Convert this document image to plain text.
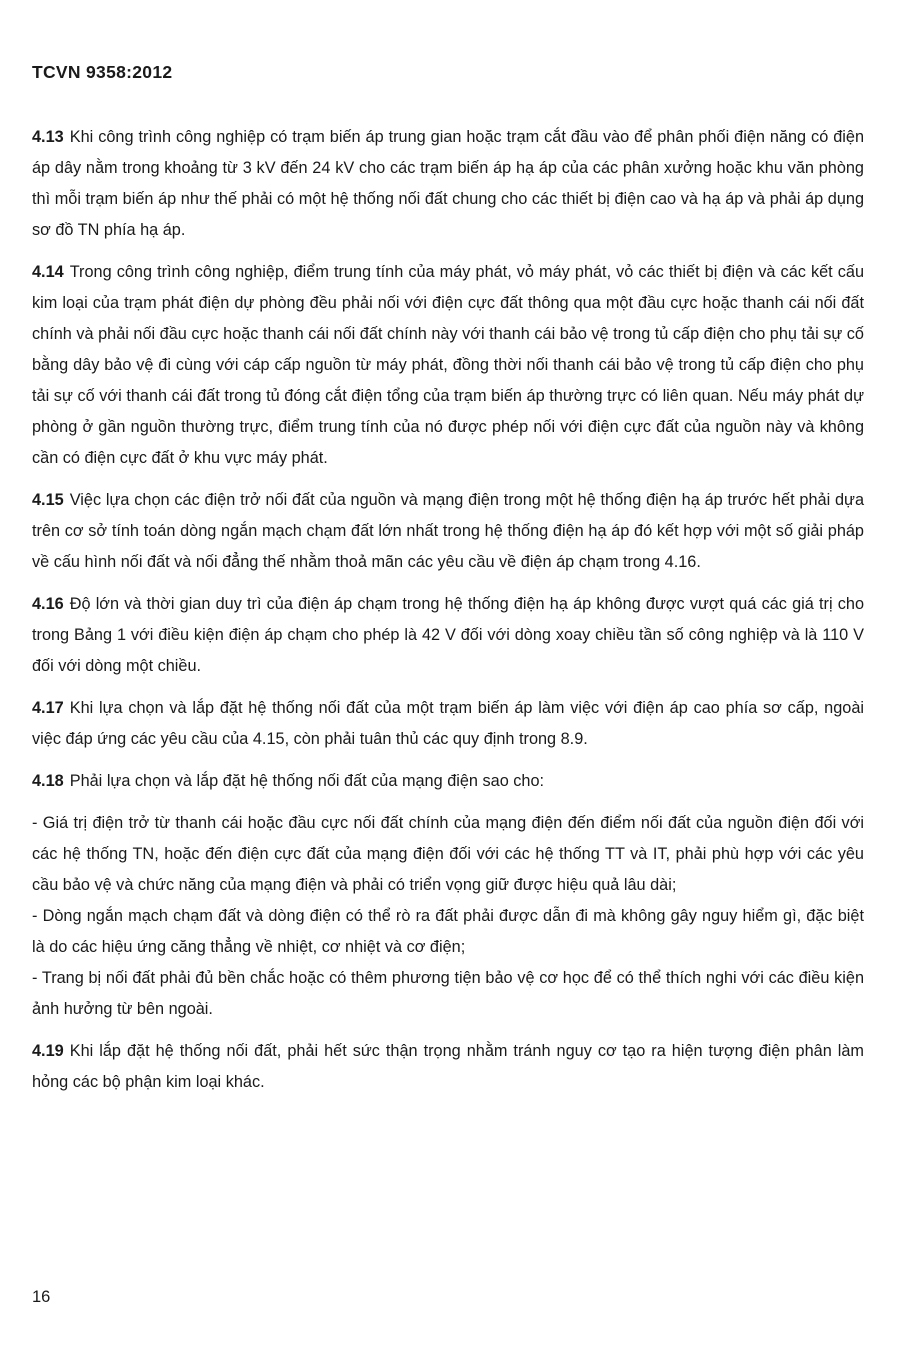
TCVN 9358:2012

4.13 Khi công trình công nghiệp có trạm biến áp trung gian hoặc trạm cắt đầu vào để phân phối điện năng có điện áp dây nằm trong khoảng từ 3 kV đến 24 kV cho các trạm biến áp hạ áp của các phân xưởng hoặc khu văn phòng thì mỗi trạm biến áp như thế phải có một hệ thống nối đất chung cho các thiết bị điện cao và hạ áp và phải áp dụng sơ đồ TN phía hạ áp.

4.14 Trong công trình công nghiệp, điểm trung tính của máy phát, vỏ máy phát, vỏ các thiết bị điện và các kết cấu kim loại của trạm phát điện dự phòng đều phải nối với điện cực đất thông qua một đầu cực hoặc thanh cái nối đất chính và phải nối đầu cực hoặc thanh cái nối đất chính này với thanh cái bảo vệ trong tủ cấp điện cho phụ tải sự cố bằng dây bảo vệ đi cùng với cáp cấp nguồn từ máy phát, đồng thời nối thanh cái bảo vệ trong tủ cấp điện cho phụ tải sự cố với thanh cái đất trong tủ đóng cắt điện tổng của trạm biến áp thường trực có liên quan. Nếu máy phát dự phòng ở gần nguồn thường trực, điểm trung tính của nó được phép nối với điện cực đất của nguồn này và không cần có điện cực đất ở khu vực máy phát.

4.15 Việc lựa chọn các điện trở nối đất của nguồn và mạng điện trong một hệ thống điện hạ áp trước hết phải dựa trên cơ sở tính toán dòng ngắn mạch chạm đất lớn nhất trong hệ thống điện hạ áp đó kết hợp với một số giải pháp về cấu hình nối đất và nối đẳng thế nhằm thoả mãn các yêu cầu về điện áp chạm trong 4.16.

4.16 Độ lớn và thời gian duy trì của điện áp chạm trong hệ thống điện hạ áp không được vượt quá các giá trị cho trong Bảng 1 với điều kiện điện áp chạm cho phép là 42 V đối với dòng xoay chiều tần số công nghiệp và là 110 V đối với dòng một chiều.

4.17 Khi lựa chọn và lắp đặt hệ thống nối đất của một trạm biến áp làm việc với điện áp cao phía sơ cấp, ngoài việc đáp ứng các yêu cầu của 4.15, còn phải tuân thủ các quy định trong 8.9.

4.18 Phải lựa chọn và lắp đặt hệ thống nối đất của mạng điện sao cho:

- Giá trị điện trở từ thanh cái hoặc đầu cực nối đất chính của mạng điện đến điểm nối đất của nguồn điện đối với các hệ thống TN, hoặc đến điện cực đất của mạng điện đối với các hệ thống TT và IT, phải phù hợp với các yêu cầu bảo vệ và chức năng của mạng điện và phải có triển vọng giữ được hiệu quả lâu dài;

- Dòng ngắn mạch chạm đất và dòng điện có thể rò ra đất phải được dẫn đi mà không gây nguy hiểm gì, đặc biệt là do các hiệu ứng căng thẳng về nhiệt, cơ nhiệt và cơ điện;

- Trang bị nối đất phải đủ bền chắc hoặc có thêm phương tiện bảo vệ cơ học để có thể thích nghi với các điều kiện ảnh hưởng từ bên ngoài.

4.19 Khi lắp đặt hệ thống nối đất, phải hết sức thận trọng nhằm tránh nguy cơ tạo ra hiện tượng điện phân làm hỏng các bộ phận kim loại khác.

16
